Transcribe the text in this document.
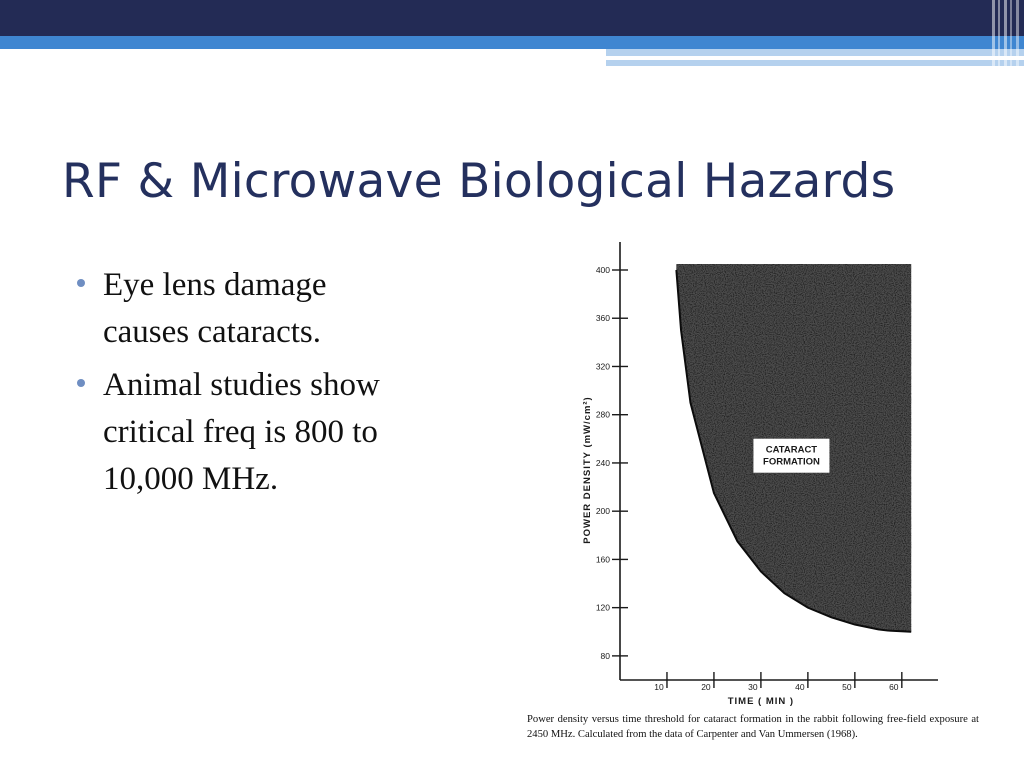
RF & Microwave Biological Hazards
Eye lens damage causes cataracts.
Animal studies show critical freq is 800 to 10,000 MHz.
80
120
160
200
240
280
320
360
400
10	20	30	40	50	60
CATARACT
FORMATION
TIME ( MIN )
POWER DENSITY (mW/cm²)

Power density versus time threshold for cataract formation in the rabbit following free-field exposure at 2450 MHz. Calculated from the data of Carpenter and Van Ummersen (1968).
